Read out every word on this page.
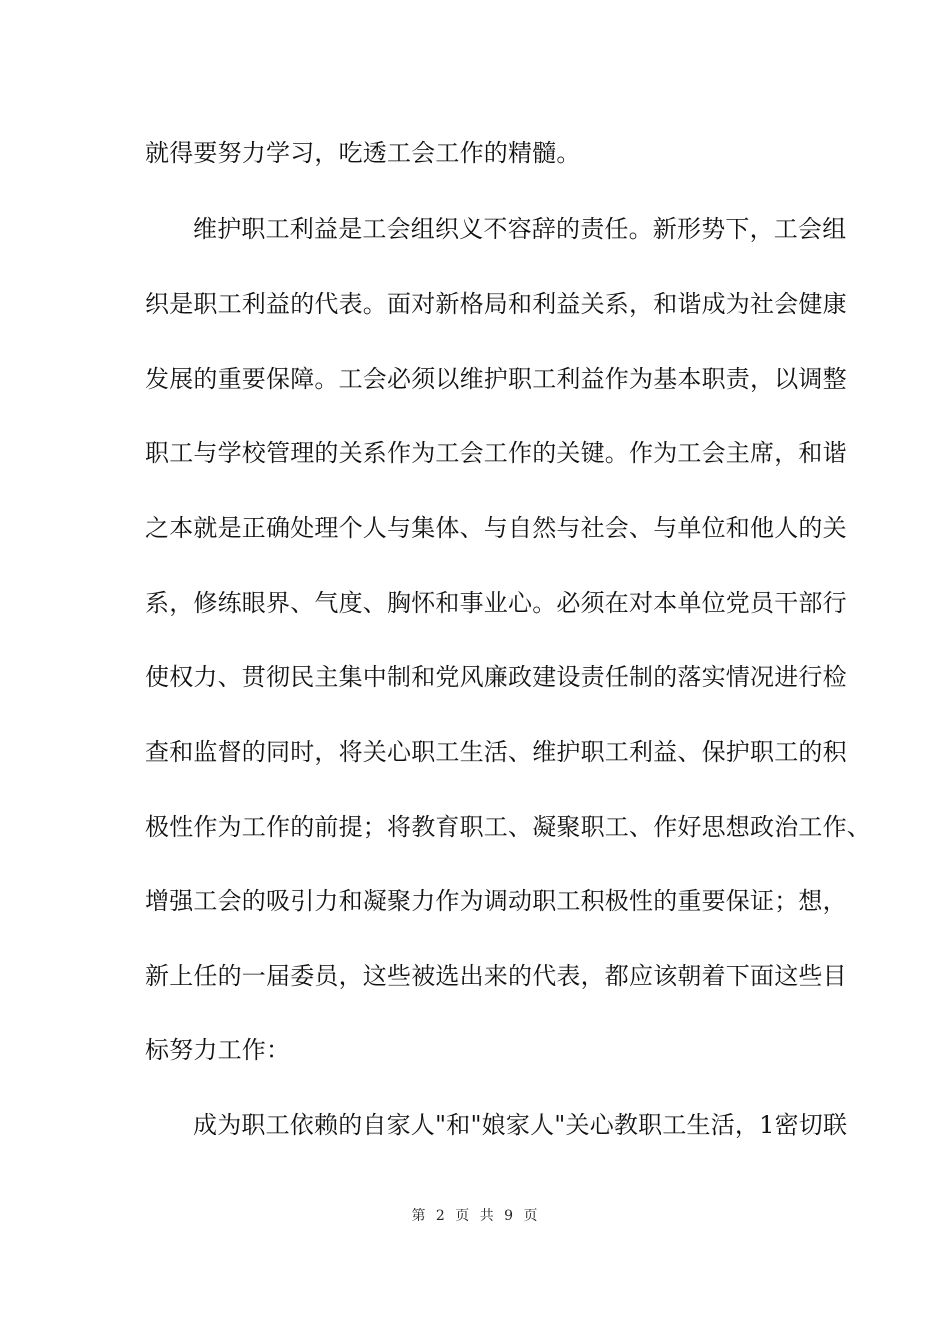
就得要努力学习，吃透工会工作的精髓。
维护职工利益是工会组织义不容辞的责任。新形势下，工会组
织是职工利益的代表。面对新格局和利益关系，和谐成为社会健康
发展的重要保障。工会必须以维护职工利益作为基本职责，以调整
职工与学校管理的关系作为工会工作的关键。作为工会主席，和谐
之本就是正确处理个人与集体、与自然与社会、与单位和他人的关
系，修练眼界、气度、胸怀和事业心。必须在对本单位党员干部行
使权力、贯彻民主集中制和党风廉政建设责任制的落实情况进行检
查和监督的同时，将关心职工生活、维护职工利益、保护职工的积
极性作为工作的前提；将教育职工、凝聚职工、作好思想政治工作、
增强工会的吸引力和凝聚力作为调动职工积极性的重要保证；想，
新上任的一届委员，这些被选出来的代表，都应该朝着下面这些目
标努力工作：
成为职工依赖的自家人"和"娘家人"关心教职工生活，1密切联
第 2 页 共 9 页
